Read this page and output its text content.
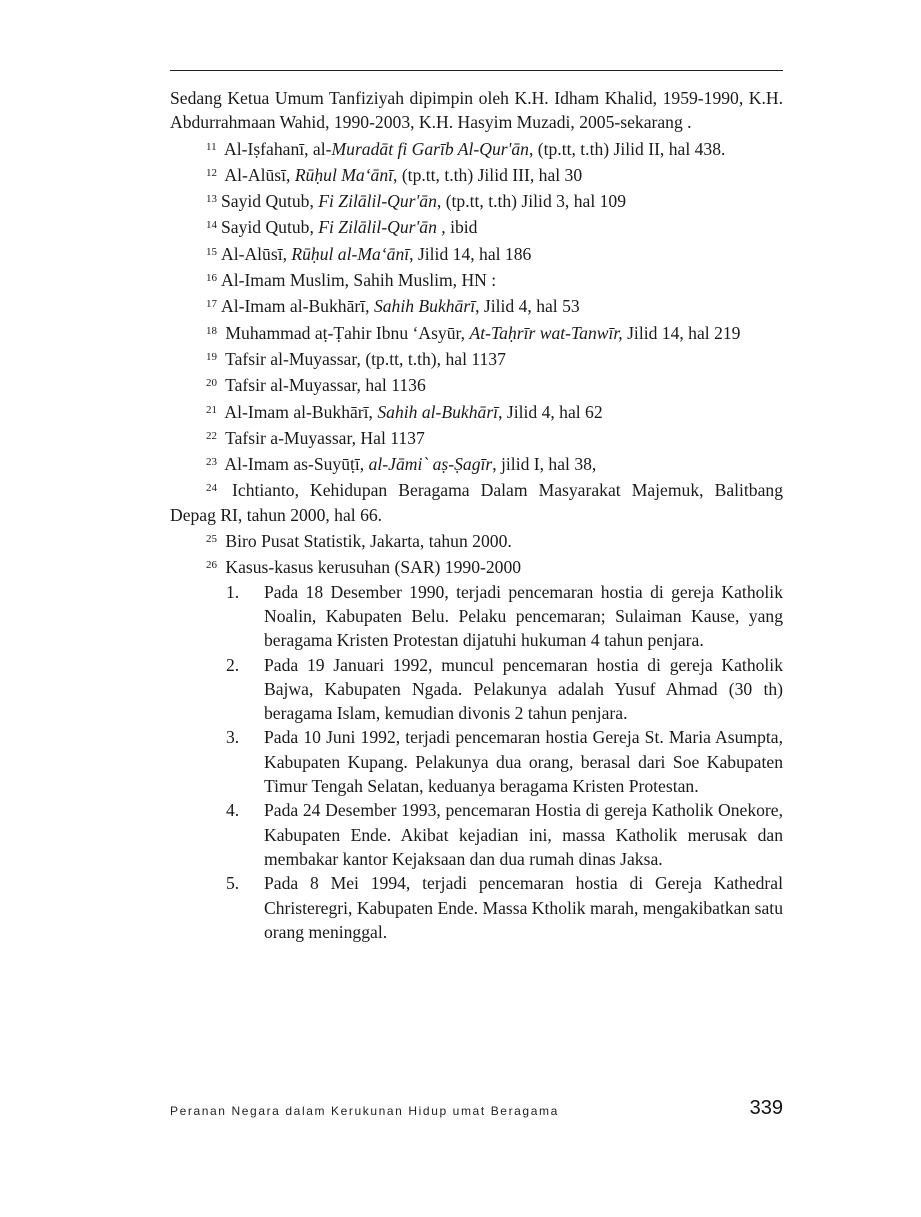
Sedang Ketua Umum Tanfiziyah dipimpin oleh K.H. Idham Khalid, 1959-1990, K.H. Abdurrahmaan Wahid, 1990-2003, K.H. Hasyim Muzadi, 2005-sekarang .

$^{11}$ Al-Iṣfahanī, al-Muradāt fi Garīb Al-Qur'ān, (tp.tt, t.th) Jilid II, hal 438.

$^{12}$ Al-Alūsī, Rūḥul Ma‘ānī, (tp.tt, t.th) Jilid III, hal 30

$^{13}$ Sayid Qutub, Fi Zilālil-Qur'ān, (tp.tt, t.th) Jilid 3, hal 109

$^{14}$ Sayid Qutub, Fi Zilālil-Qur'ān , ibid

$^{15}$ Al-Alūsī, Rūḥul al-Ma‘ānī, Jilid 14, hal 186

$^{16}$ Al-Imam Muslim, Sahih Muslim, HN :

$^{17}$ Al-Imam al-Bukhārī, Sahih Bukhārī, Jilid 4, hal 53

$^{18}$ Muhammad aṭ-Ṭahir Ibnu ‘Asyūr, At-Taḥrīr wat-Tanwīr, Jilid 14, hal 219

$^{19}$ Tafsir al-Muyassar, (tp.tt, t.th), hal 1137

$^{20}$ Tafsir al-Muyassar, hal 1136

$^{21}$ Al-Imam al-Bukhārī, Sahih al-Bukhārī, Jilid 4, hal 62

$^{22}$ Tafsir a-Muyassar, Hal 1137

$^{23}$ Al-Imam as-Suyūṭī, al-Jāmi` aṣ-Ṣagīr, jilid I, hal 38,

$^{24}$ Ichtianto, Kehidupan Beragama Dalam Masyarakat Majemuk, Balitbang Depag RI, tahun 2000, hal 66.

$^{25}$ Biro Pusat Statistik, Jakarta, tahun 2000.

$^{26}$ Kasus-kasus kerusuhan (SAR) 1990-2000

1. Pada 18 Desember 1990, terjadi pencemaran hostia di gereja Katholik Noalin, Kabupaten Belu. Pelaku pencemaran; Sulaiman Kause, yang beragama Kristen Protestan dijatuhi hukuman 4 tahun penjara.
2. Pada 19 Januari 1992, muncul pencemaran hostia di gereja Katholik Bajwa, Kabupaten Ngada. Pelakunya adalah Yusuf Ahmad (30 th) beragama Islam, kemudian divonis 2 tahun penjara.
3. Pada 10 Juni 1992, terjadi pencemaran hostia Gereja St. Maria Asumpta, Kabupaten Kupang. Pelakunya dua orang, berasal dari Soe Kabupaten Timur Tengah Selatan, keduanya beragama Kristen Protestan.
4. Pada 24 Desember 1993, pencemaran Hostia di gereja Katholik Onekore, Kabupaten Ende. Akibat kejadian ini, massa Katholik merusak dan membakar kantor Kejaksaan dan dua rumah dinas Jaksa.
5. Pada 8 Mei 1994, terjadi pencemaran hostia di Gereja Kathedral Christeregri, Kabupaten Ende. Massa Ktholik marah, mengakibatkan satu orang meninggal.
Peranan Negara dalam Kerukunan Hidup umat Beragama	339
